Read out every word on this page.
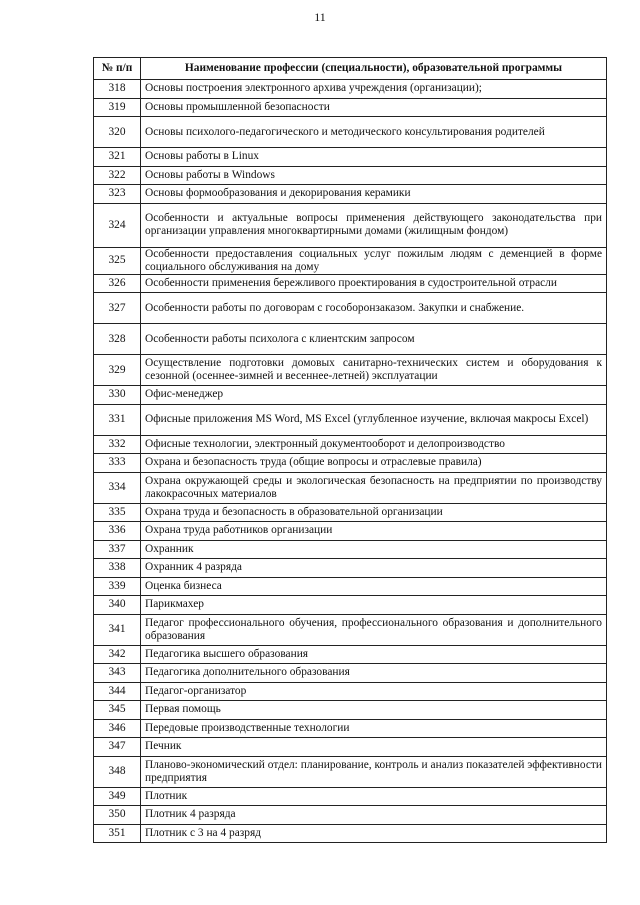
11
№ п/п	Наименование профессии (специальности), образовательной программы
318	Основы построения электронного архива учреждения (организации);
319	Основы промышленной безопасности
320	Основы психолого-педагогического и методического консультирования родителей
321	Основы работы в Linux
322	Основы работы в Windows
323	Основы формообразования и декорирования керамики
324	Особенности и актуальные вопросы применения действующего законодательства при организации управления многоквартирными домами (жилищным фондом)
325	Особенности предоставления социальных услуг пожилым людям с деменцией в форме социального обслуживания на дому
326	Особенности применения бережливого проектирования в судостроительной отрасли
327	Особенности работы по договорам с гособоронзаказом. Закупки и снабжение.
328	Особенности работы психолога с клиентским запросом
329	Осуществление подготовки домовых санитарно-технических систем и оборудования к сезонной (осеннее-зимней и весеннее-летней) эксплуатации
330	Офис-менеджер
331	Офисные приложения MS Word, MS Excel (углубленное изучение, включая макросы Excel)
332	Офисные технологии, электронный документооборот и делопроизводство
333	Охрана и безопасность труда (общие вопросы и отраслевые правила)
334	Охрана окружающей среды и экологическая безопасность на предприятии по производству лакокрасочных материалов
335	Охрана труда и безопасность в образовательной организации
336	Охрана труда работников организации
337	Охранник
338	Охранник 4 разряда
339	Оценка бизнеса
340	Парикмахер
341	Педагог профессионального обучения, профессионального образования и дополнительного образования
342	Педагогика высшего образования
343	Педагогика дополнительного образования
344	Педагог-организатор
345	Первая помощь
346	Передовые производственные технологии
347	Печник
348	Планово-экономический отдел: планирование, контроль и анализ показателей эффективности предприятия
349	Плотник
350	Плотник 4 разряда
351	Плотник с 3 на 4 разряд
